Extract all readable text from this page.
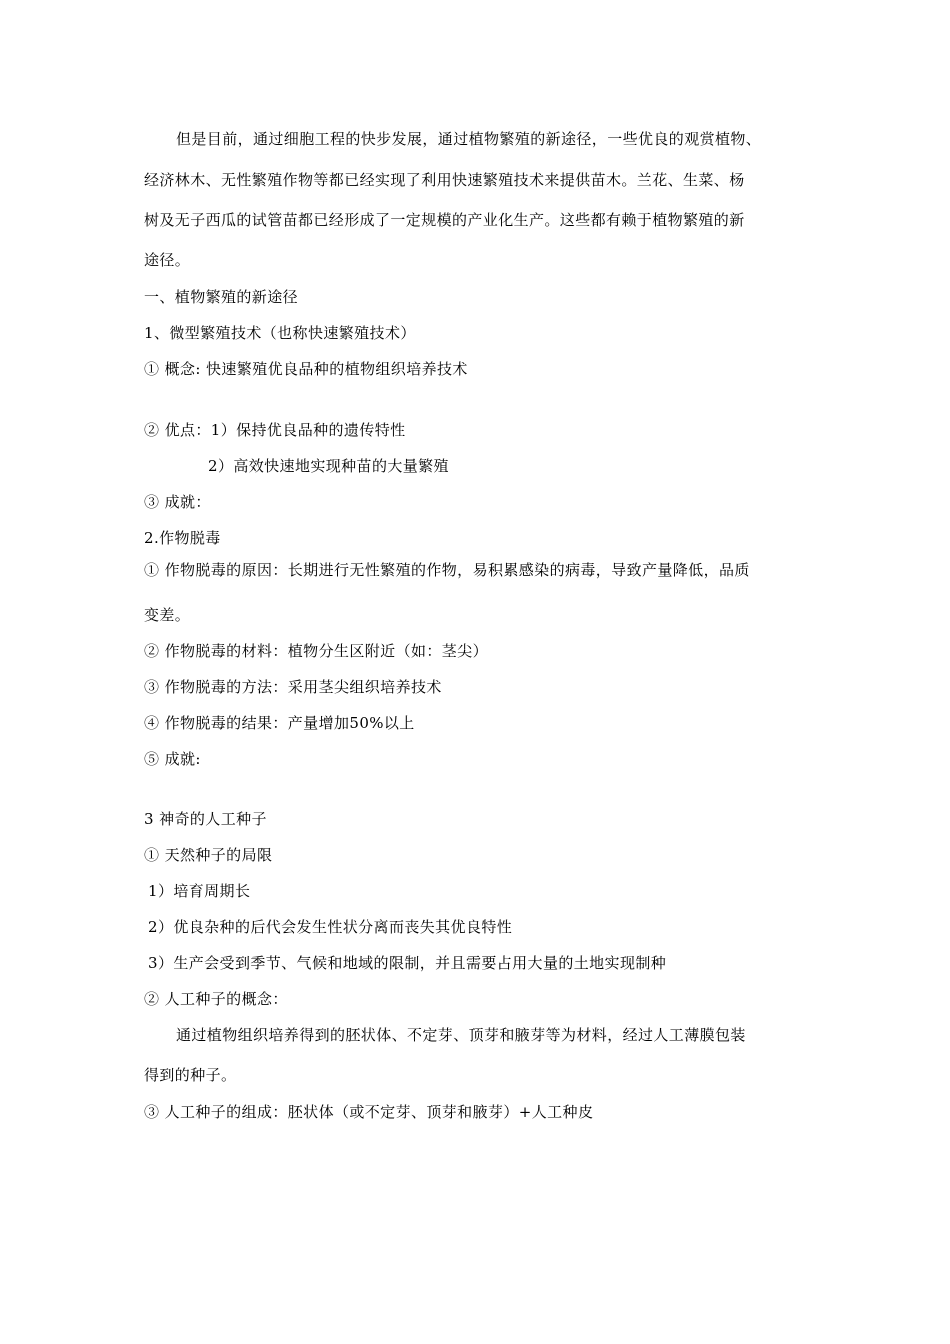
但是目前，通过细胞工程的快步发展，通过植物繁殖的新途径，一些优良的观赏植物、
经济林木、无性繁殖作物等都已经实现了利用快速繁殖技术来提供苗木。兰花、生菜、杨
树及无子西瓜的试管苗都已经形成了一定规模的产业化生产。这些都有赖于植物繁殖的新
途径。
一、植物繁殖的新途径
1、微型繁殖技术（也称快速繁殖技术）
① 概念: 快速繁殖优良品种的植物组织培养技术
② 优点：1）保持优良品种的遗传特性
2）高效快速地实现种苗的大量繁殖
③ 成就：
2.作物脱毒
① 作物脱毒的原因：长期进行无性繁殖的作物，易积累感染的病毒，导致产量降低，品质
变差。
② 作物脱毒的材料：植物分生区附近（如：茎尖）
③ 作物脱毒的方法：采用茎尖组织培养技术
④ 作物脱毒的结果：产量增加50%以上
⑤ 成就:
3 神奇的人工种子
① 天然种子的局限
1）培育周期长
2）优良杂种的后代会发生性状分离而丧失其优良特性
3）生产会受到季节、气候和地域的限制，并且需要占用大量的土地实现制种
② 人工种子的概念：
通过植物组织培养得到的胚状体、不定芽、顶芽和腋芽等为材料，经过人工薄膜包装
得到的种子。
③ 人工种子的组成：胚状体（或不定芽、顶芽和腋芽）+人工种皮
